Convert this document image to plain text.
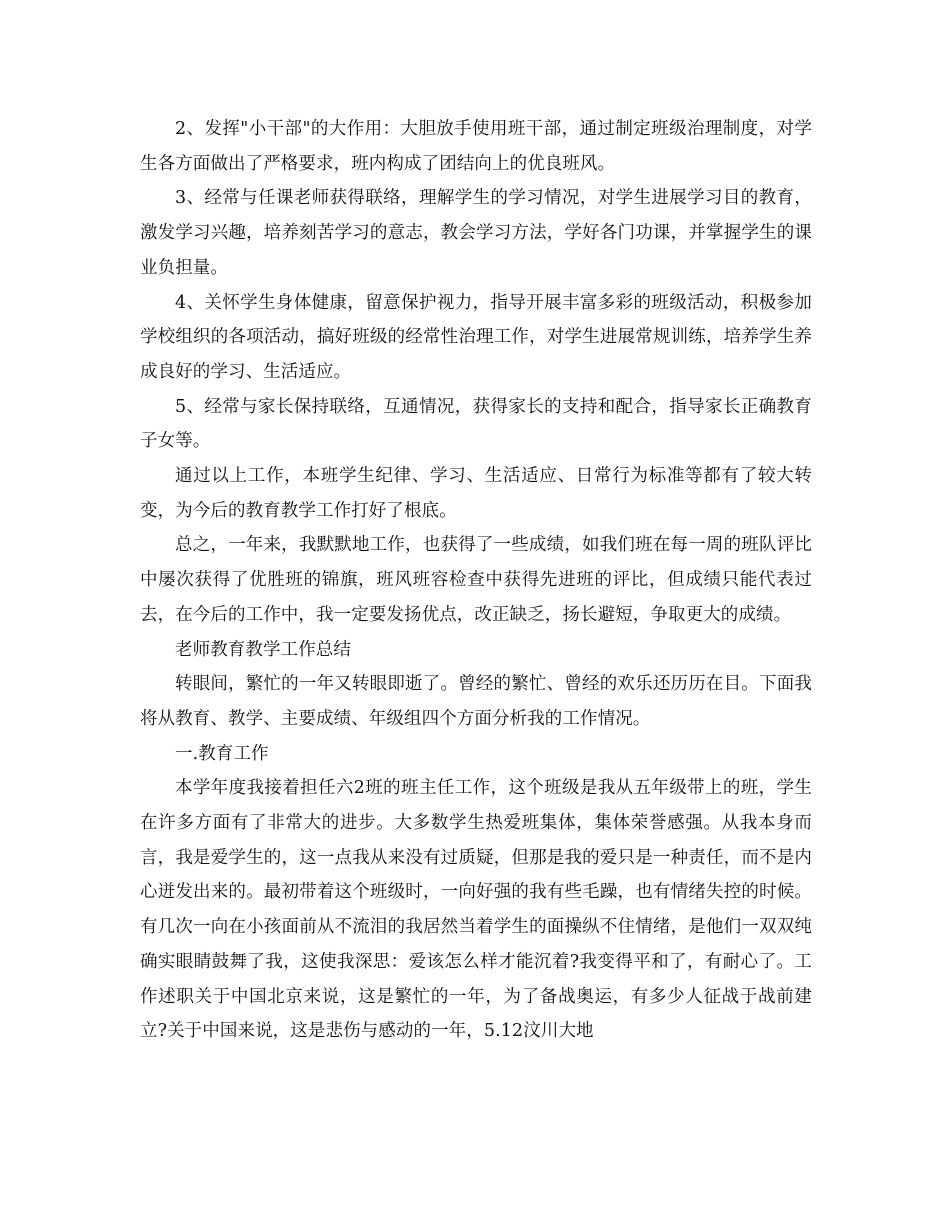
2、发挥"小干部"的大作用：大胆放手使用班干部，通过制定班级治理制度，对学生各方面做出了严格要求，班内构成了团结向上的优良班风。

3、经常与任课老师获得联络，理解学生的学习情况，对学生进展学习目的教育，激发学习兴趣，培养刻苦学习的意志，教会学习方法，学好各门功课，并掌握学生的课业负担量。

4、关怀学生身体健康，留意保护视力，指导开展丰富多彩的班级活动，积极参加学校组织的各项活动，搞好班级的经常性治理工作，对学生进展常规训练，培养学生养成良好的学习、生活适应。

5、经常与家长保持联络，互通情况，获得家长的支持和配合，指导家长正确教育子女等。

通过以上工作，本班学生纪律、学习、生活适应、日常行为标准等都有了较大转变，为今后的教育教学工作打好了根底。

总之，一年来，我默默地工作，也获得了一些成绩，如我们班在每一周的班队评比中屡次获得了优胜班的锦旗，班风班容检查中获得先进班的评比，但成绩只能代表过去，在今后的工作中，我一定要发扬优点，改正缺乏，扬长避短，争取更大的成绩。

老师教育教学工作总结

转眼间，繁忙的一年又转眼即逝了。曾经的繁忙、曾经的欢乐还历历在目。下面我将从教育、教学、主要成绩、年级组四个方面分析我的工作情况。

一.教育工作

本学年度我接着担任六2班的班主任工作，这个班级是我从五年级带上的班，学生在许多方面有了非常大的进步。大多数学生热爱班集体，集体荣誉感强。从我本身而言，我是爱学生的，这一点我从来没有过质疑，但那是我的爱只是一种责任，而不是内心迸发出来的。最初带着这个班级时，一向好强的我有些毛躁，也有情绪失控的时候。有几次一向在小孩面前从不流泪的我居然当着学生的面操纵不住情绪，是他们一双双纯确实眼睛鼓舞了我，这使我深思：爱该怎么样才能沉着?我变得平和了，有耐心了。工作述职关于中国北京来说，这是繁忙的一年，为了备战奥运，有多少人征战于战前建立?关于中国来说，这是悲伤与感动的一年，5.12汶川大地
